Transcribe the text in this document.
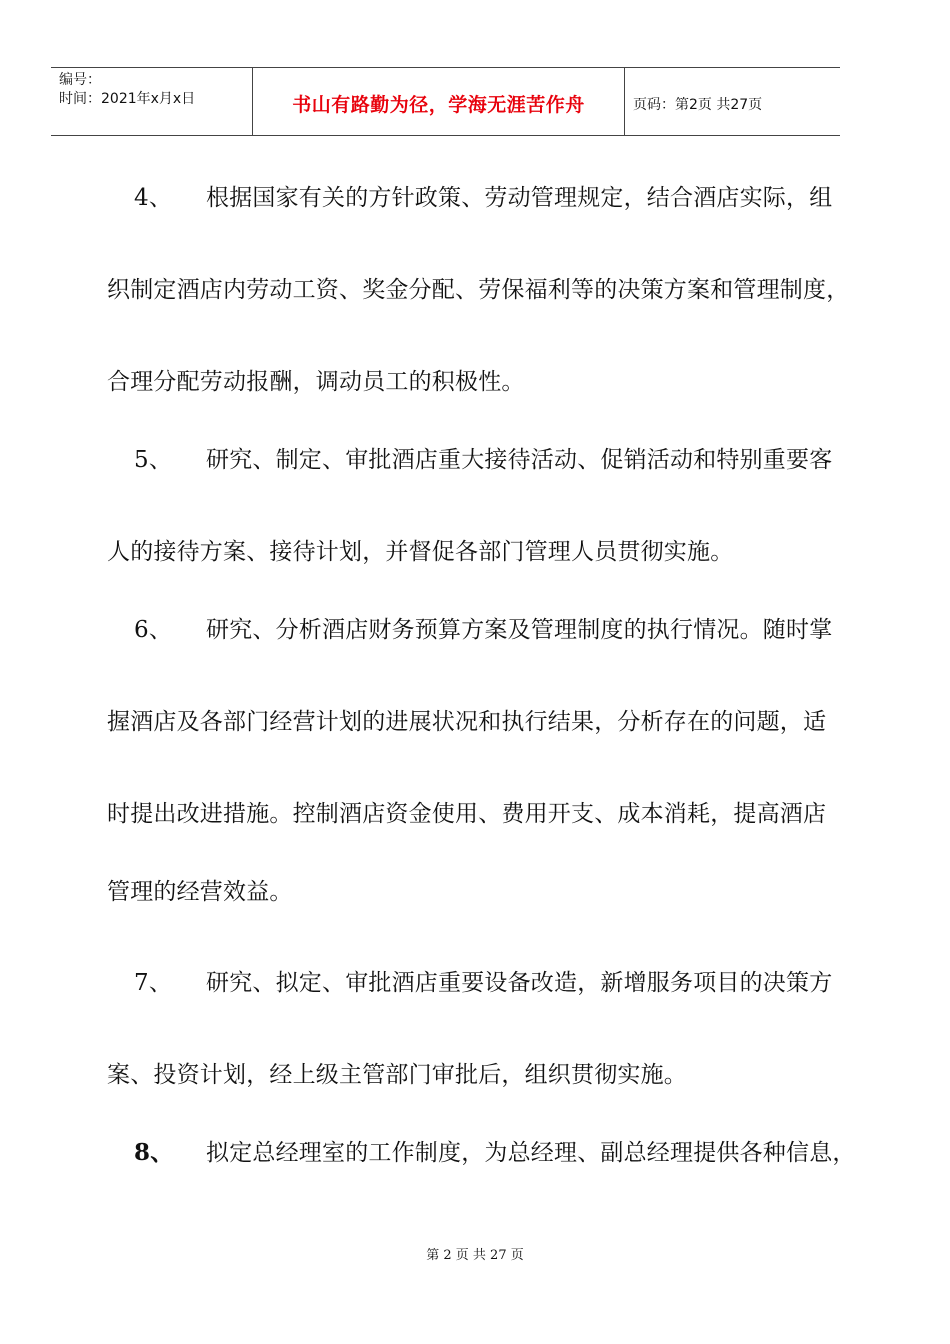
编号：
时间：2021年x月x日	书山有路勤为径，学海无涯苦作舟	页码：第2页 共27页
4、 根据国家有关的方针政策、劳动管理规定，结合酒店实际，组
织制定酒店内劳动工资、奖金分配、劳保福利等的决策方案和管理制度，
合理分配劳动报酬，调动员工的积极性。
5、 研究、制定、审批酒店重大接待活动、促销活动和特别重要客
人的接待方案、接待计划，并督促各部门管理人员贯彻实施。
6、 研究、分析酒店财务预算方案及管理制度的执行情况。随时掌
握酒店及各部门经营计划的进展状况和执行结果，分析存在的问题，适
时提出改进措施。控制酒店资金使用、费用开支、成本消耗，提高酒店
管理的经营效益。
7、 研究、拟定、审批酒店重要设备改造，新增服务项目的决策方
案、投资计划，经上级主管部门审批后，组织贯彻实施。
8、 拟定总经理室的工作制度，为总经理、副总经理提供各种信息，
第 2 页 共 27 页
